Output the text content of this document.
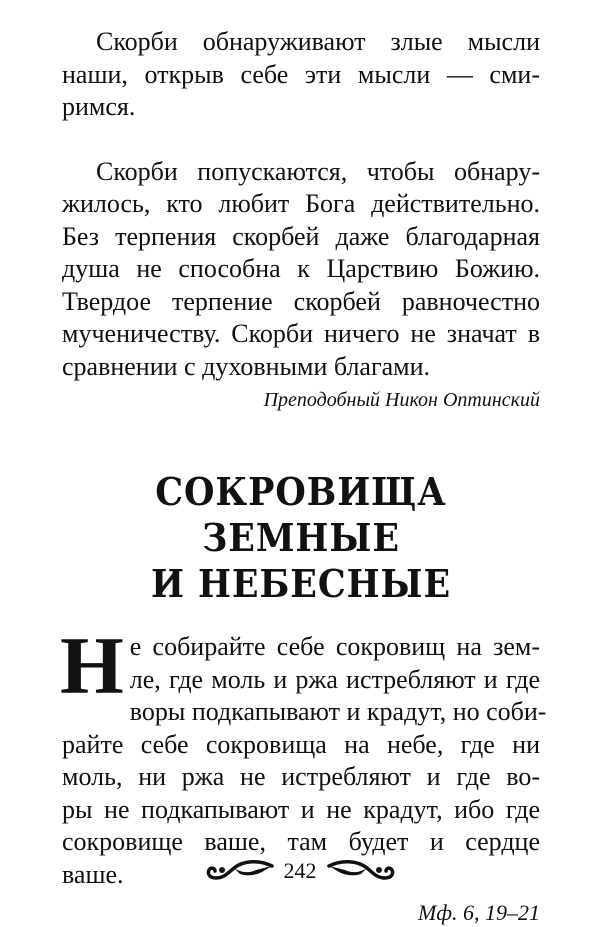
Скорби обнаруживают злые мысли
наши, открыв себе эти мысли — сми-
римся.

Скорби попускаются, чтобы обнару-
жилось, кто любит Бога действительно.
Без терпения скорбей даже благодарная
душа не способна к Царствию Божию.
Твердое терпение скорбей равночестно
мученичеству. Скорби ничего не значат в
сравнении с духовными благами.

Преподобный Никон Оптинский
СОКРОВИЩА ЗЕМНЫЕ
И НЕБЕСНЫЕ
Н е собирайте себе сокровищ на зем-
ле, где моль и ржа истребляют и где
воры подкапывают и крадут, но соби-
райте себе сокровища на небе, где ни
моль, ни ржа не истребляют и где во-
ры не подкапывают и не крадут, ибо где
сокровище ваше, там будет и сердце
ваше.
Мф. 6, 19–21
242
